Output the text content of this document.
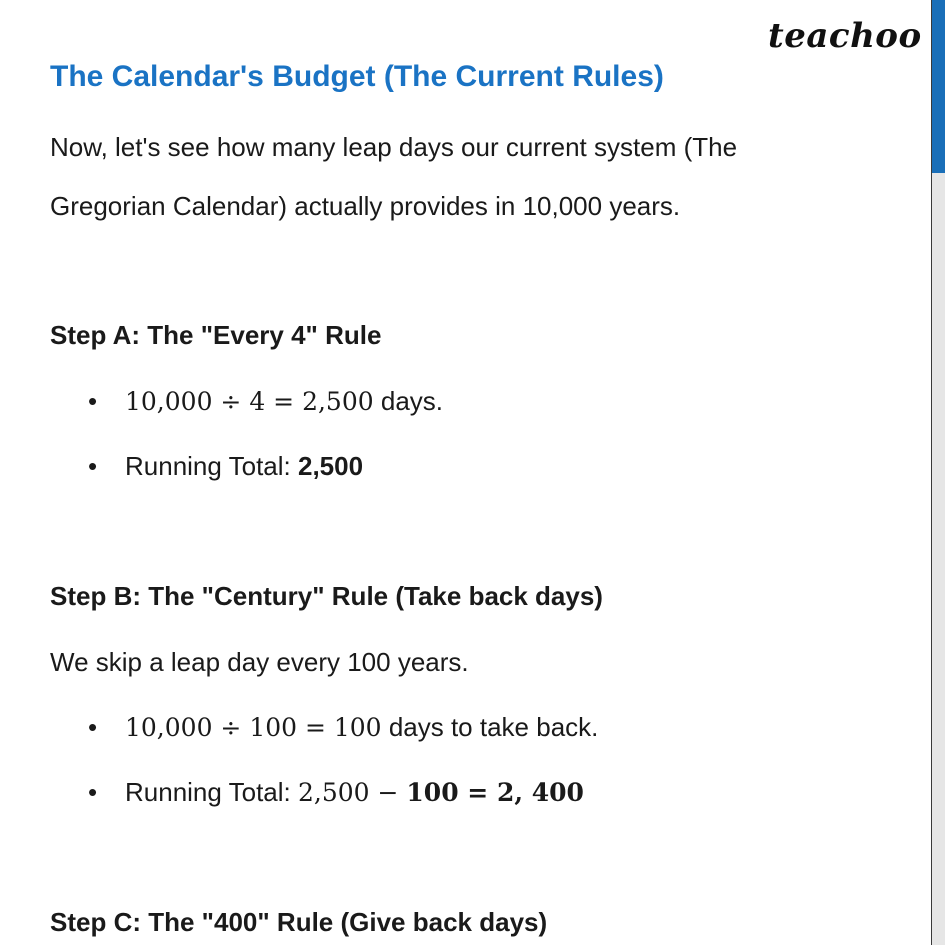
teachoo
The Calendar's Budget (The Current Rules)
Now, let's see how many leap days our current system (The
Gregorian Calendar) actually provides in 10,000 years.
Step A: The "Every 4" Rule
• 10,000 ÷ 4 = 2,500 days.
• Running Total: 2,500
Step B: The "Century" Rule (Take back days)
We skip a leap day every 100 years.
• 10,000 ÷ 100 = 100 days to take back.
• Running Total: 2,500 − 100 = 2, 400
Step C: The "400" Rule (Give back days)
